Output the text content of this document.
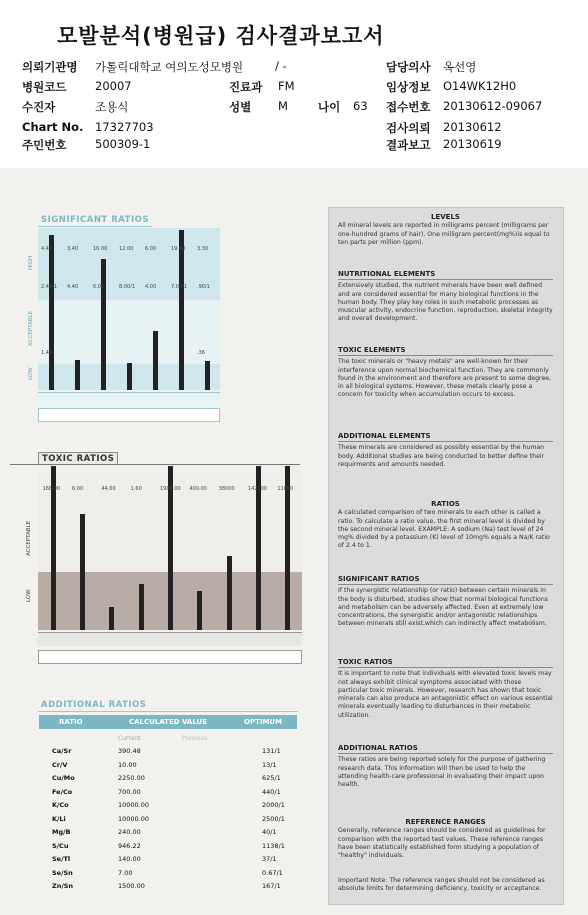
모발분석(병원급) 검사결과보고서
의뢰기관명 가톨릭대학교 여의도성모병원	/ -	담당의사 옥선영
병원코드 20007	진료과 FM	임상정보 O14WK12H0
수진자	조용식	성별 M	나이 63 접수번호 20130612-09067
Chart No. 17327703	검사의뢰 20130612
주민번호 500309-1	결과보고 20130619
SIGNIFICANT RATIOS
HIGH
ACCEPTABLE
LOW
4.40
2.40/1
1.40
3.40
4.40
16.00
6.00
12.00
8.00/1
6.00
4.00
19.00
7.00/1
3.30
.90/1
.36
TOXIC RATIOS
ACCEPTABLE
LOW
168.00 6.00	44.00	1.60	1900.00 400.00 38000	142000 11000
ADDITIONAL RATIOS
RATIO	CALCULATED VALUE	OPTIMUM
Current	Previous
Ca/Sr	390.48	131/1
Cr/V	10.00	13/1
Cu/Mo	2250.00	625/1
Fe/Co	700.00	440/1
K/Co	10000.00	2000/1
K/Li	10000.00	2500/1
Mg/B	240.00	40/1
S/Cu	946.22	1138/1
Se/Tl	140.00	37/1
Se/Sn	7.00	0.67/1
Zn/Sn	1500.00	167/1
LEVELS
All mineral levels are reported in milligrams percent (milligrams per one-hundred grams of hair). One milligram percent(mg%)is equal to ten parts per million (ppm).
NUTRITIONAL ELEMENTS
Extensively studied, the nutrient minerals have been well defined and are considered essential for many biological functions in the human body. They play key roles in such metabolic processes as muscular activity, endocrine function, reproduction, skeletal integrity and overall development.
TOXIC ELEMENTS
The toxic minerals or "heavy metals" are well-known for their interference upon normal biochemical function. They are commonly found in the environment and therefore are present to some degree, in all biological systems. However, these metals clearly pose a concern for toxicity when accumulation occurs to excess.
ADDITIONAL ELEMENTS
These minerals are considered as possibly essential by the human body. Additional studies are being conducted to better define their requirments and amounts needed.
RATIOS
A calculated comparison of two minerals to each other is called a ratio. To calculate a ratio value, the first mineral level is divided by the second mineral level. EXAMPLE: A sodium (Na) test level of 24 mg% divided by a potassium (K) level of 10mg% equals a Na/K ratio of 2.4 to 1.
SIGNIFICANT RATIOS
If the synergistic relationship (or ratio) between certain minerals in the body is disturbed, studies show that normal biological functions and metabolism can be adversely affected. Even at extremely low concentrations, the synergistic and/or antagonistic relationships between minerals still exist,which can indirectly affect metabolism.
TOXIC RATIOS
It is important to note that individuals with elevated toxic levels may not always exhibit clinical symptoms associated with those particular toxic minerals. However, research has shown that toxic minerals can also produce an antagonistic effect on various essential minerals eventually leading to disturbances in their metabolic utilization.
ADDITIONAL RATIOS
These ratios are being reported solely for the purpose of gathering research data. This information will then be used to help the attending health-care professional in evaluating their impact upon health.
REFERENCE RANGES
Generally, reference ranges should be considered as guidelines for comparison with the reported test values. These reference ranges have been statistically established form studying a population of "healthy" individuals.
Important Note: The reference ranges should not be considered as absolute limits for determining deficiency, toxicity or acceptance.
